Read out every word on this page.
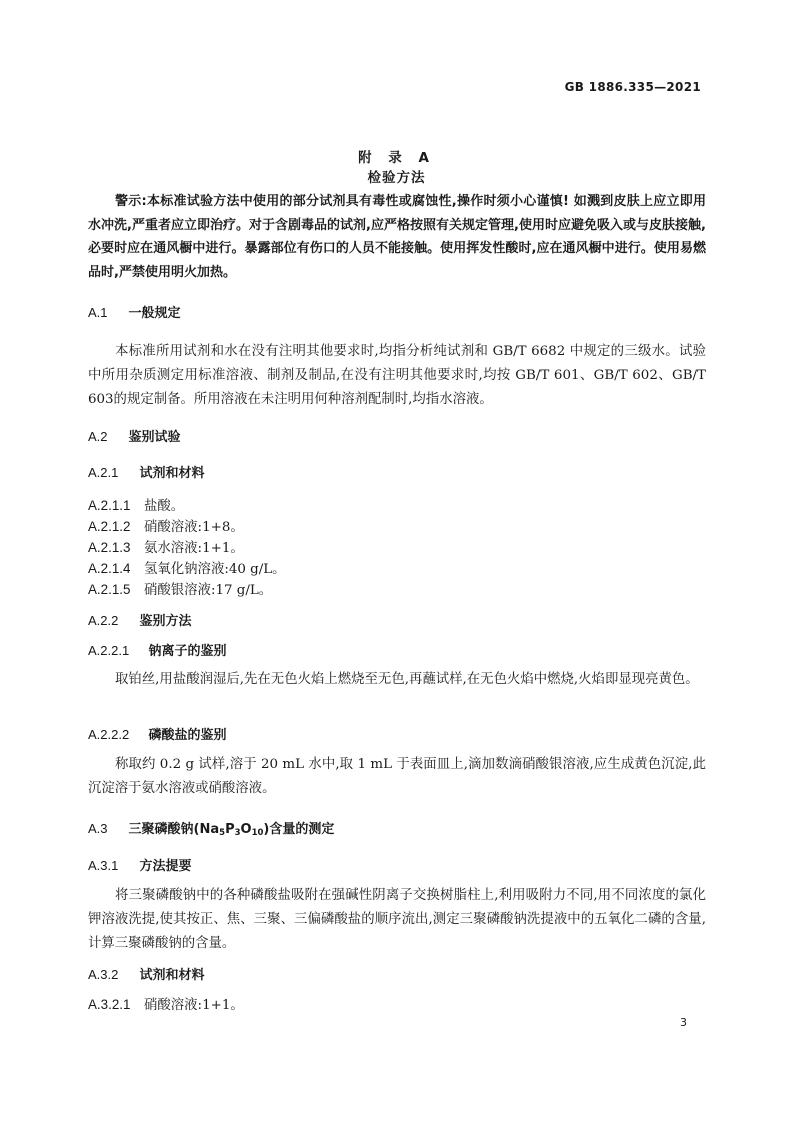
GB 1886.335—2021
附 录 A
检验方法
警示:本标准试验方法中使用的部分试剂具有毒性或腐蚀性,操作时须小心谨慎! 如溅到皮肤上应立即用水冲洗,严重者应立即治疗。对于含剧毒品的试剂,应严格按照有关规定管理,使用时应避免吸入或与皮肤接触,必要时应在通风橱中进行。暴露部位有伤口的人员不能接触。使用挥发性酸时,应在通风橱中进行。使用易燃品时,严禁使用明火加热。
A.1 一般规定
本标准所用试剂和水在没有注明其他要求时,均指分析纯试剂和 GB/T 6682 中规定的三级水。试验中所用杂质测定用标准溶液、制剂及制品,在没有注明其他要求时,均按 GB/T 601、GB/T 602、GB/T 603的规定制备。所用溶液在未注明用何种溶剂配制时,均指水溶液。
A.2 鉴别试验
A.2.1 试剂和材料
A.2.1.1 盐酸。
A.2.1.2 硝酸溶液:1+8。
A.2.1.3 氨水溶液:1+1。
A.2.1.4 氢氧化钠溶液:40 g/L。
A.2.1.5 硝酸银溶液:17 g/L。
A.2.2 鉴别方法
A.2.2.1 钠离子的鉴别
取铂丝,用盐酸润湿后,先在无色火焰上燃烧至无色,再蘸试样,在无色火焰中燃烧,火焰即显现亮黄色。
A.2.2.2 磷酸盐的鉴别
称取约 0.2 g 试样,溶于 20 mL 水中,取 1 mL 于表面皿上,滴加数滴硝酸银溶液,应生成黄色沉淀,此沉淀溶于氨水溶液或硝酸溶液。
A.3 三聚磷酸钠$(Na_5P_3O_{10})$含量的测定
A.3.1 方法提要
将三聚磷酸钠中的各种磷酸盐吸附在强碱性阴离子交换树脂柱上,利用吸附力不同,用不同浓度的氯化钾溶液洗提,使其按正、焦、三聚、三偏磷酸盐的顺序流出,测定三聚磷酸钠洗提液中的五氧化二磷的含量,计算三聚磷酸钠的含量。
A.3.2 试剂和材料
A.3.2.1 硝酸溶液:1+1。
3
